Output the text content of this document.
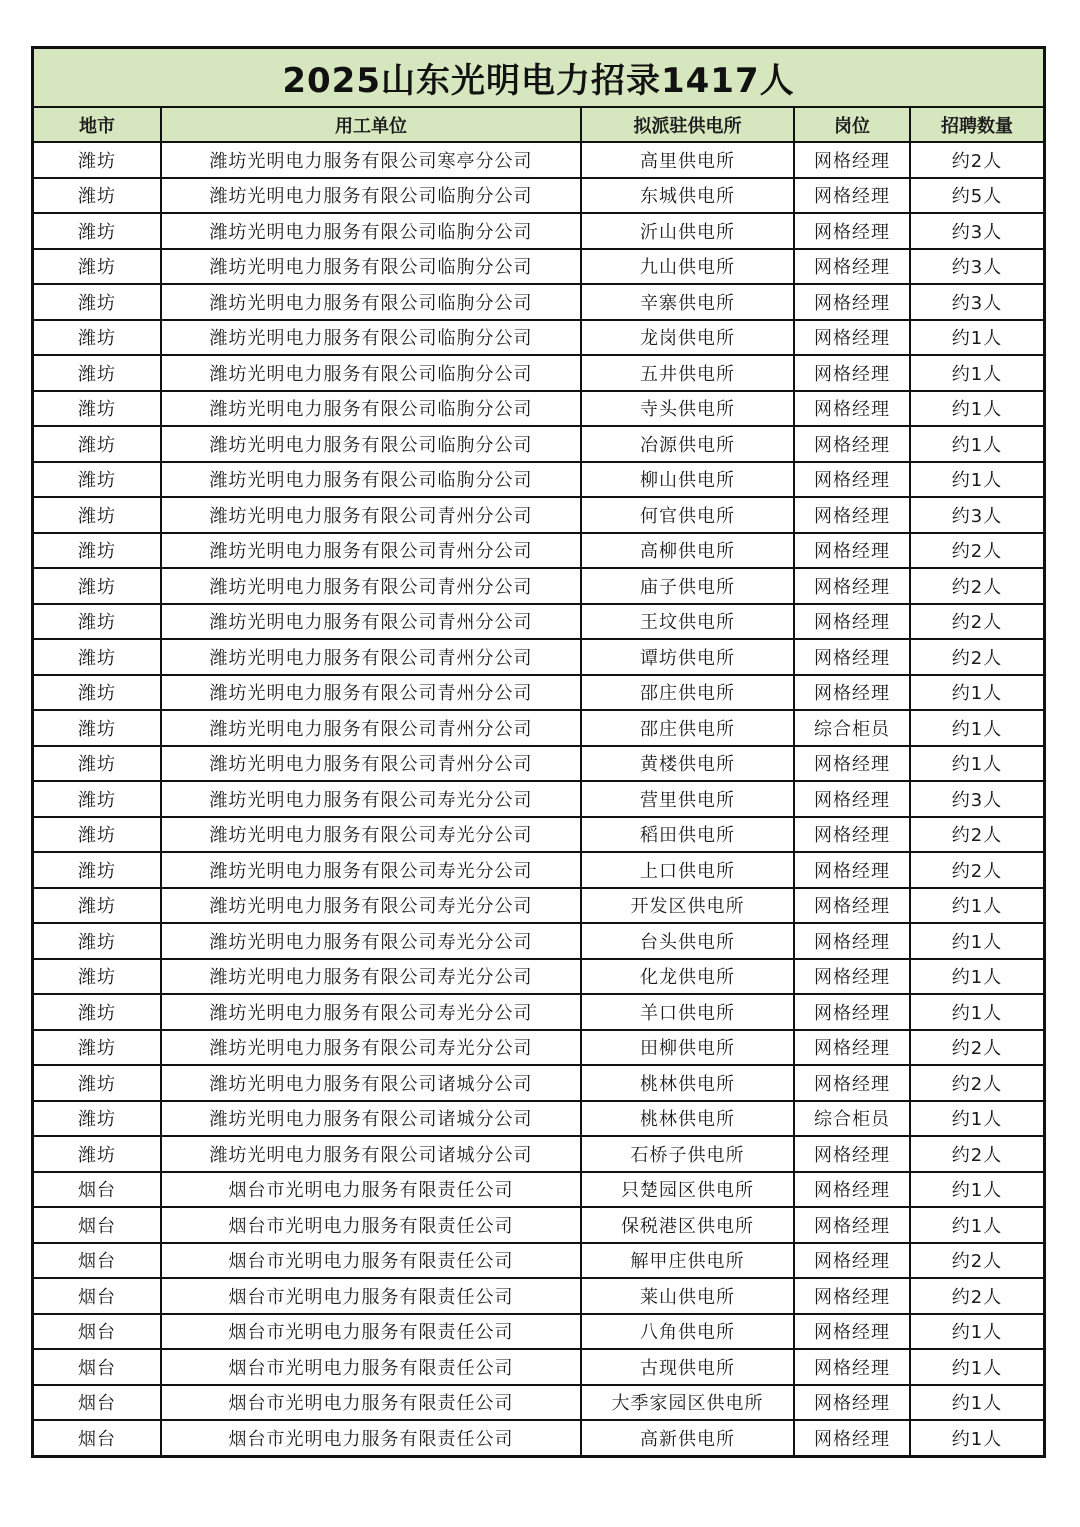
2025山东光明电力招录1417人
地市	用工单位	拟派驻供电所	岗位	招聘数量
潍坊	潍坊光明电力服务有限公司寒亭分公司	高里供电所	网格经理	约2人
潍坊	潍坊光明电力服务有限公司临朐分公司	东城供电所	网格经理	约5人
潍坊	潍坊光明电力服务有限公司临朐分公司	沂山供电所	网格经理	约3人
潍坊	潍坊光明电力服务有限公司临朐分公司	九山供电所	网格经理	约3人
潍坊	潍坊光明电力服务有限公司临朐分公司	辛寨供电所	网格经理	约3人
潍坊	潍坊光明电力服务有限公司临朐分公司	龙岗供电所	网格经理	约1人
潍坊	潍坊光明电力服务有限公司临朐分公司	五井供电所	网格经理	约1人
潍坊	潍坊光明电力服务有限公司临朐分公司	寺头供电所	网格经理	约1人
潍坊	潍坊光明电力服务有限公司临朐分公司	冶源供电所	网格经理	约1人
潍坊	潍坊光明电力服务有限公司临朐分公司	柳山供电所	网格经理	约1人
潍坊	潍坊光明电力服务有限公司青州分公司	何官供电所	网格经理	约3人
潍坊	潍坊光明电力服务有限公司青州分公司	高柳供电所	网格经理	约2人
潍坊	潍坊光明电力服务有限公司青州分公司	庙子供电所	网格经理	约2人
潍坊	潍坊光明电力服务有限公司青州分公司	王坟供电所	网格经理	约2人
潍坊	潍坊光明电力服务有限公司青州分公司	谭坊供电所	网格经理	约2人
潍坊	潍坊光明电力服务有限公司青州分公司	邵庄供电所	网格经理	约1人
潍坊	潍坊光明电力服务有限公司青州分公司	邵庄供电所	综合柜员	约1人
潍坊	潍坊光明电力服务有限公司青州分公司	黄楼供电所	网格经理	约1人
潍坊	潍坊光明电力服务有限公司寿光分公司	营里供电所	网格经理	约3人
潍坊	潍坊光明电力服务有限公司寿光分公司	稻田供电所	网格经理	约2人
潍坊	潍坊光明电力服务有限公司寿光分公司	上口供电所	网格经理	约2人
潍坊	潍坊光明电力服务有限公司寿光分公司	开发区供电所	网格经理	约1人
潍坊	潍坊光明电力服务有限公司寿光分公司	台头供电所	网格经理	约1人
潍坊	潍坊光明电力服务有限公司寿光分公司	化龙供电所	网格经理	约1人
潍坊	潍坊光明电力服务有限公司寿光分公司	羊口供电所	网格经理	约1人
潍坊	潍坊光明电力服务有限公司寿光分公司	田柳供电所	网格经理	约2人
潍坊	潍坊光明电力服务有限公司诸城分公司	桃林供电所	网格经理	约2人
潍坊	潍坊光明电力服务有限公司诸城分公司	桃林供电所	综合柜员	约1人
潍坊	潍坊光明电力服务有限公司诸城分公司	石桥子供电所	网格经理	约2人
烟台	烟台市光明电力服务有限责任公司	只楚园区供电所	网格经理	约1人
烟台	烟台市光明电力服务有限责任公司	保税港区供电所	网格经理	约1人
烟台	烟台市光明电力服务有限责任公司	解甲庄供电所	网格经理	约2人
烟台	烟台市光明电力服务有限责任公司	莱山供电所	网格经理	约2人
烟台	烟台市光明电力服务有限责任公司	八角供电所	网格经理	约1人
烟台	烟台市光明电力服务有限责任公司	古现供电所	网格经理	约1人
烟台	烟台市光明电力服务有限责任公司	大季家园区供电所	网格经理	约1人
烟台	烟台市光明电力服务有限责任公司	高新供电所	网格经理	约1人
